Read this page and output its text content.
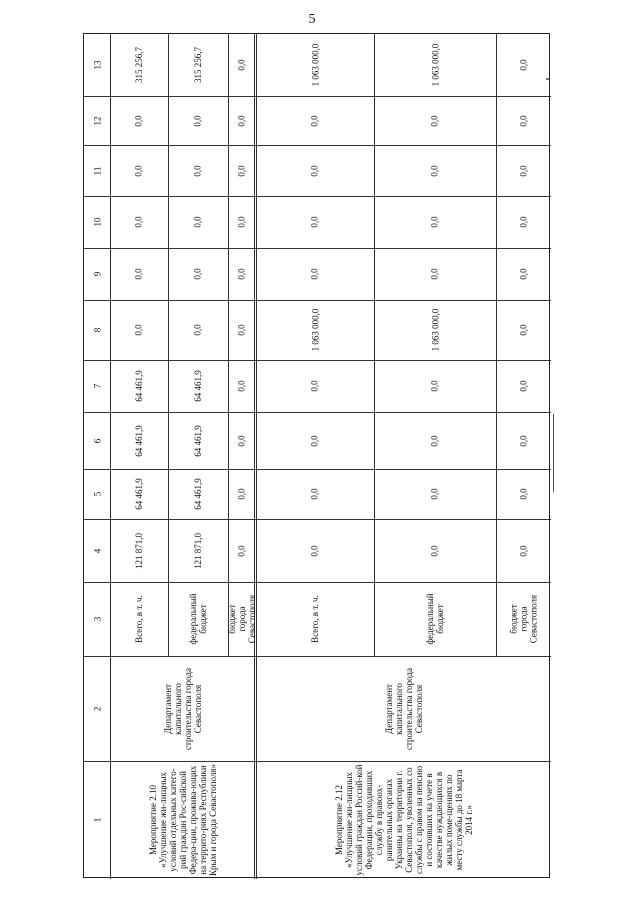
5
1
2
3
4
5
6
7
8
9
10
11
12
13
Мероприятие 2.10 «Улучшение жи-лищных условий отдельных катего-рий граждан Рос-сийской Федера-ции, прожива-ющих на террито-риях Республики Крым и города Севастополя»
Департамент капитального строительства города Севастополя
Всего, в т. ч.
121 871,0
64 461,9
64 461,9
64 461,9
0,0
0,0
0,0
0,0
0,0
315 256,7
федеральный бюджет
121 871,0
64 461,9
64 461,9
64 461,9
0,0
0,0
0,0
0,0
0,0
315 256,7
бюджет города Севастополя
0,0
0,0
0,0
0,0
0,0
0,0
0,0
0,0
0,0
0,0
Мероприятие 2.12 «Улучшение жи-лищных условий граждан Россий-кой Федерации, проходивших службу в правоох-ранительных органах Украины на территории г. Севастополя, уволенных со службы с правом на пенсию и состоявших на учете в качестве нуждающихся в жилых поме-щениях по месту службы до 18 марта 2014 г.»
Департамент капитального строительства города Севастополя
Всего, в т. ч.
0,0
0,0
0,0
0,0
1 063 000,0
0,0
0,0
0,0
0,0
1 063 000,0
федеральный бюджет
0,0
0,0
0,0
0,0
1 063 000,0
0,0
0,0
0,0
0,0
1 063 000,0
бюджет города Севастополя
0,0
0,0
0,0
0,0
0,0
0,0
0,0
0,0
0,0
0,0
